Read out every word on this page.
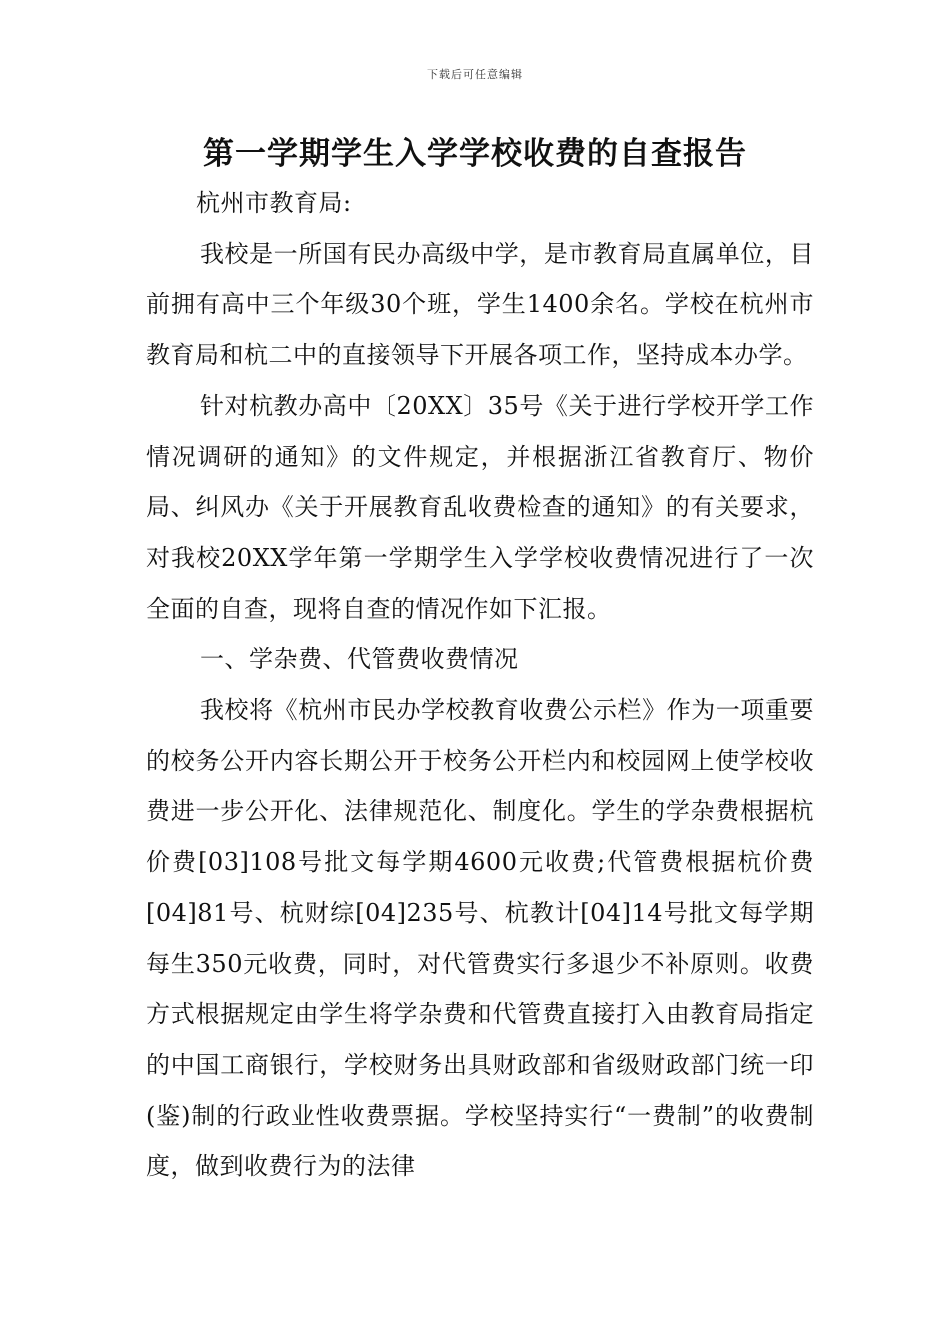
下载后可任意编辑
第一学期学生入学学校收费的自查报告

杭州市教育局:

我校是一所国有民办高级中学，是市教育局直属单位，目前拥有高中三个年级30个班，学生1400余名。学校在杭州市教育局和杭二中的直接领导下开展各项工作，坚持成本办学。

针对杭教办高中〔20XX〕35号《关于进行学校开学工作情况调研的通知》的文件规定，并根据浙江省教育厅、物价局、纠风办《关于开展教育乱收费检查的通知》的有关要求，对我校20XX学年第一学期学生入学学校收费情况进行了一次全面的自查，现将自查的情况作如下汇报。

一、学杂费、代管费收费情况

我校将《杭州市民办学校教育收费公示栏》作为一项重要的校务公开内容长期公开于校务公开栏内和校园网上使学校收费进一步公开化、法律规范化、制度化。学生的学杂费根据杭价费[03]108号批文每学期4600元收费;代管费根据杭价费[04]81号、杭财综[04]235号、杭教计[04]14号批文每学期每生350元收费，同时，对代管费实行多退少不补原则。收费方式根据规定由学生将学杂费和代管费直接打入由教育局指定的中国工商银行，学校财务出具财政部和省级财政部门统一印(鉴)制的行政业性收费票据。学校坚持实行“一费制”的收费制度，做到收费行为的法律
